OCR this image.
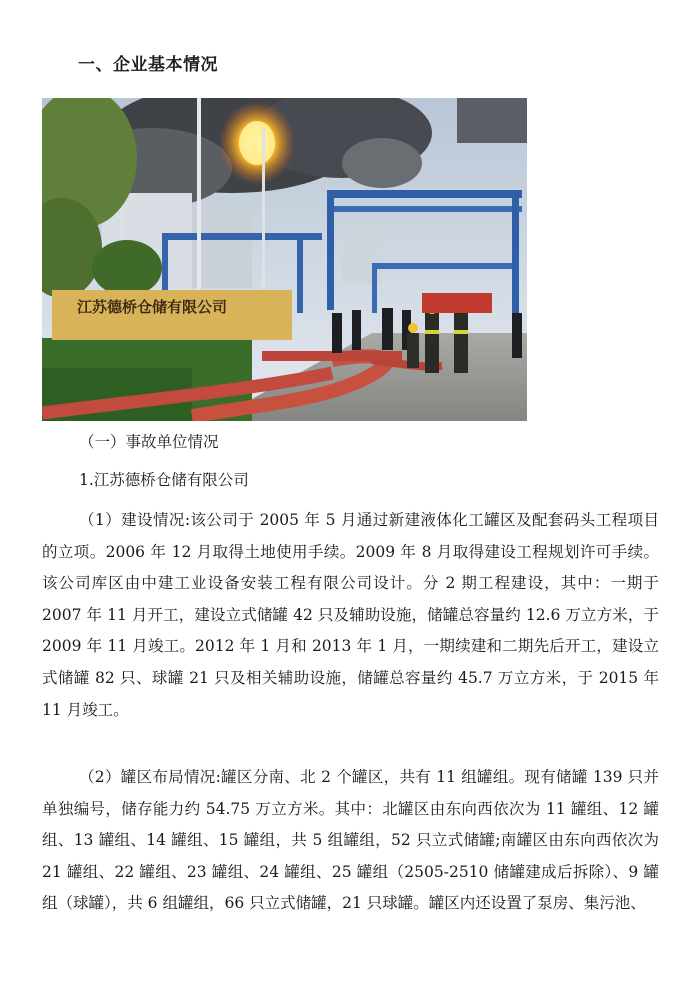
一、企业基本情况
江苏德桥仓储有限公司
（一）事故单位情况
1.江苏德桥仓储有限公司

（1）建设情况:该公司于 2005 年 5 月通过新建液体化工罐区及配套码头工程项目的立项。2006 年 12 月取得土地使用手续。2009 年 8 月取得建设工程规划许可手续。该公司库区由中建工业设备安装工程有限公司设计。分 2 期工程建设，其中：一期于 2007 年 11 月开工，建设立式储罐 42 只及辅助设施，储罐总容量约 12.6 万立方米，于 2009 年 11 月竣工。2012 年 1 月和 2013 年 1 月，一期续建和二期先后开工，建设立式储罐 82 只、球罐 21 只及相关辅助设施，储罐总容量约 45.7 万立方米，于 2015 年 11 月竣工。

（2）罐区布局情况:罐区分南、北 2 个罐区，共有 11 组罐组。现有储罐 139 只并单独编号，储存能力约 54.75 万立方米。其中：北罐区由东向西依次为 11 罐组、12 罐组、13 罐组、14 罐组、15 罐组，共 5 组罐组，52 只立式储罐;南罐区由东向西依次为 21 罐组、22 罐组、23 罐组、24 罐组、25 罐组（2505-2510 储罐建成后拆除）、9 罐组（球罐），共 6 组罐组，66 只立式储罐，21 只球罐。罐区内还设置了泵房、集污池、
